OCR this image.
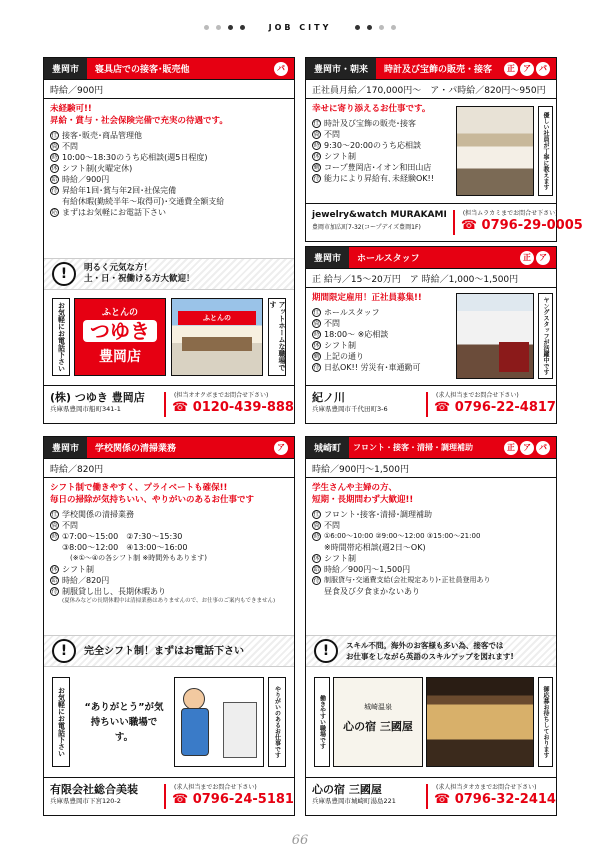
JOB CITY
豊岡市	寝具店での接客･販売他	パ
時給／900円
未経験可!!
昇給・賞与・社会保険完備で充実の待遇です。
仕 接客･販売･商品管理他
資 不問
時 10:00～18:30のうち応相談(週5日程度)
休 シフト制(火曜定休)
給 時給／900円
待 昇給年1回･賞与年2回･社保完備
有給休暇(勤続半年～取得可)･交通費全額支給
応 まずはお気軽にお電話下さい
!	明るく元気な方！
土・日・祝働ける方大歓迎！
お気軽にお電話下さい	ふとんの
つゆき
豊岡店
ふとんの	アットホームな職場です
(株) つゆき 豊岡店
兵庫県豊岡市船町341-1
(担当オオクボまでお問合せ下さい)
☎ 0120-439-888
豊岡市・朝来	時計及び宝飾の販売・接客	正	ア	パ
正社員月給／170,000円～　ア・パ時給／820円～950円
幸せに寄り添えるお仕事です。
仕 時計及び宝飾の販売･接客
資 不問
時 9:30～20:00のうち応相談
休 シフト制
勤 コープ豊岡店･イオン和田山店
待 能力により昇給有､未経験OK!!	優しい社員が丁寧に教えます
jewelry&watch MURAKAMI
豊岡市加広町7-32(コープデイズ豊岡1F)
(担当ムラカミまでお問合せ下さい)
☎ 0796-29-0005
豊岡市	ホールスタッフ	正	ア
正 給与／15～20万円　ア 時給／1,000～1,500円
期間限定雇用！正社員募集!!
仕 ホールスタッフ
資 不問
時 18:00～ ※応相談
休 シフト制
勤 上記の通り
待 日払OK!! 労災有･車通勤可	ヤングスタッフが活躍中です
紀ノ川
兵庫県豊岡市千代田町3-6
(求人担当までお問合せ下さい)
☎ 0796-22-4817
豊岡市	学校関係の清掃業務	ア
時給／820円
シフト制で働きやすく、プライベートも確保!!
毎日の掃除が気持ちいい、やりがいのあるお仕事です
仕 学校関係の清掃業務
資 不問
時 ①7:00～15:00　②7:30～15:30
③8:00～12:00　④13:00～16:00
(※①～④の各シフト制 ※時間外もあります)
休 シフト制
給 時給／820円
待 制服貸し出し、長期休暇あり
(夏休みなどの長期休暇中は清掃業務はありませんので、お仕事のご案内もできません)
!	完全シフト制！まずはお電話下さい
お気軽にお電話下さい	“ありがとう”が気持ちいい職場です。	やりがいのあるお仕事です
有限会社総合美装
兵庫県豊岡市下宮120-2
(求人担当までお問合せ下さい)
☎ 0796-24-5181
城崎町	フロント・接客・清掃・調理補助	正	ア	パ
時給／900円～1,500円
学生さんや主婦の方、
短期・長期問わず大歓迎!!
仕 フロント･接客･清掃･調理補助
資 不問
時 ①6:00～10:00 ②9:00～12:00 ③15:00～21:00
※時間帯応相談(週2日～OK)
休 シフト制
給 時給／900円～1,500円
待 制服貸与･交通費支給(会社規定あり)･正社員登用あり
昼食及び夕食まかないあり
!	スキル不問。海外のお客様も多い為、接客では
お仕事をしながら英語のスキルアップを図れます!
働きやすい職場です	城崎温泉
心の宿 三國屋	御応募お待ちしております
心の宿 三國屋
兵庫県豊岡市城崎町湯島221
(求人担当タオカまでお問合せ下さい)
☎ 0796-32-2414
66
